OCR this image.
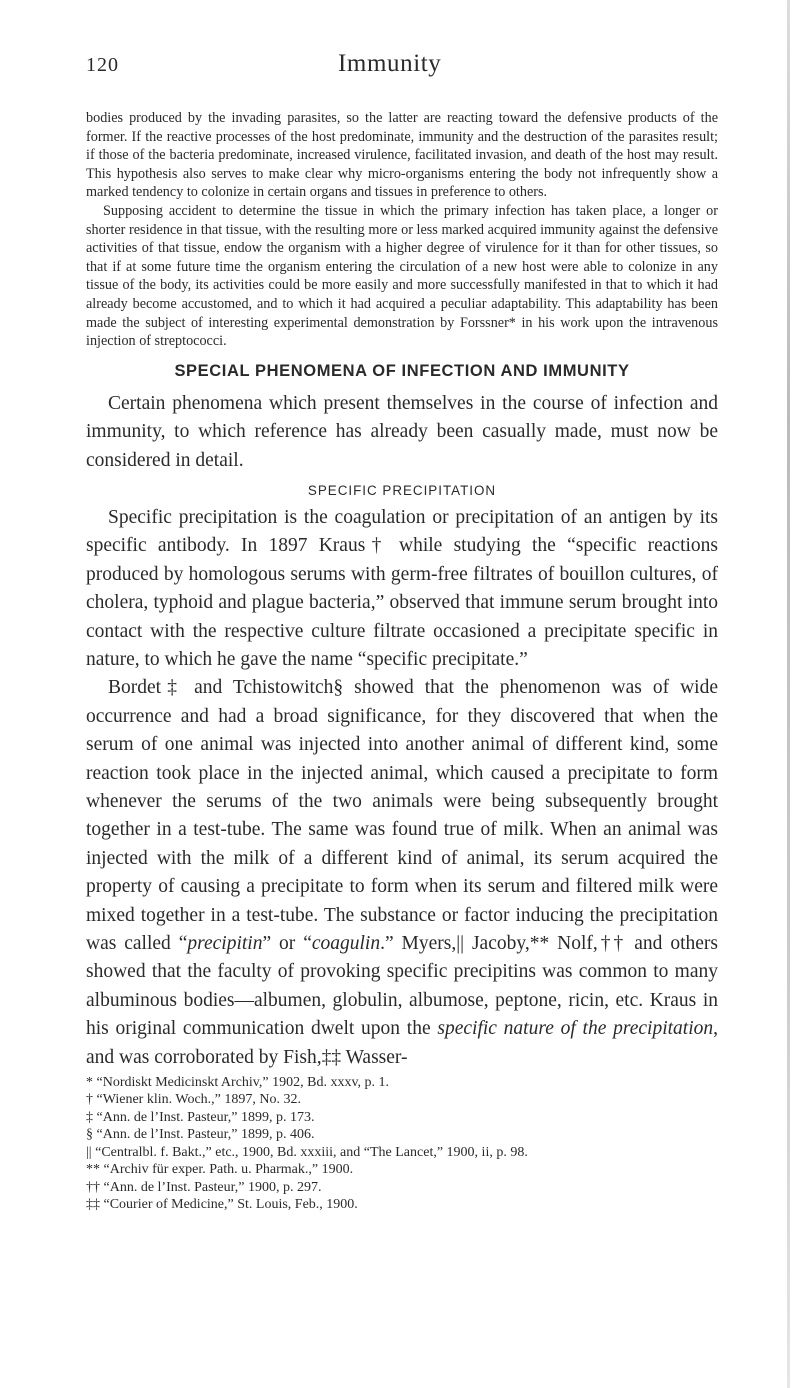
120	Immunity

bodies produced by the invading parasites, so the latter are reacting toward the defensive products of the former. If the reactive processes of the host predominate, immunity and the destruction of the parasites result; if those of the bacteria predominate, increased virulence, facilitated invasion, and death of the host may result. This hypothesis also serves to make clear why micro-organisms entering the body not infrequently show a marked tendency to colonize in certain organs and tissues in preference to others.

Supposing accident to determine the tissue in which the primary infection has taken place, a longer or shorter residence in that tissue, with the resulting more or less marked acquired immunity against the defensive activities of that tissue, endow the organism with a higher degree of virulence for it than for other tissues, so that if at some future time the organism entering the circulation of a new host were able to colonize in any tissue of the body, its activities could be more easily and more successfully manifested in that to which it had already become accustomed, and to which it had acquired a peculiar adaptability. This adaptability has been made the subject of interesting experimental demonstration by Forssner* in his work upon the intravenous injection of streptococci.

SPECIAL PHENOMENA OF INFECTION AND IMMUNITY

Certain phenomena which present themselves in the course of infection and immunity, to which reference has already been casually made, must now be considered in detail.

SPECIFIC PRECIPITATION

Specific precipitation is the coagulation or precipitation of an antigen by its specific antibody. In 1897 Kraus† while studying the “specific reactions produced by homologous serums with germ-free filtrates of bouillon cultures, of cholera, typhoid and plague bacteria,” observed that immune serum brought into contact with the respective culture filtrate occasioned a precipitate specific in nature, to which he gave the name “specific precipitate.”

Bordet‡ and Tchistowitch§ showed that the phenomenon was of wide occurrence and had a broad significance, for they discovered that when the serum of one animal was injected into another animal of different kind, some reaction took place in the injected animal, which caused a precipitate to form whenever the serums of the two animals were being subsequently brought together in a test-tube. The same was found true of milk. When an animal was injected with the milk of a different kind of animal, its serum acquired the property of causing a precipitate to form when its serum and filtered milk were mixed together in a test-tube. The substance or factor inducing the precipitation was called “precipitin” or “coagulin.” Myers,|| Jacoby,** Nolf,†† and others showed that the faculty of provoking specific precipitins was common to many albuminous bodies—albumen, globulin, albumose, peptone, ricin, etc. Kraus in his original communication dwelt upon the specific nature of the precipitation, and was corroborated by Fish,‡‡ Wasser-

* “Nordiskt Medicinskt Archiv,” 1902, Bd. xxxv, p. 1.

† “Wiener klin. Woch.,” 1897, No. 32.

‡ “Ann. de l’Inst. Pasteur,” 1899, p. 173.

§ “Ann. de l’Inst. Pasteur,” 1899, p. 406.

|| “Centralbl. f. Bakt.,” etc., 1900, Bd. xxxiii, and “The Lancet,” 1900, ii, p. 98.

** “Archiv für exper. Path. u. Pharmak.,” 1900.

†† “Ann. de l’Inst. Pasteur,” 1900, p. 297.

‡‡ “Courier of Medicine,” St. Louis, Feb., 1900.
